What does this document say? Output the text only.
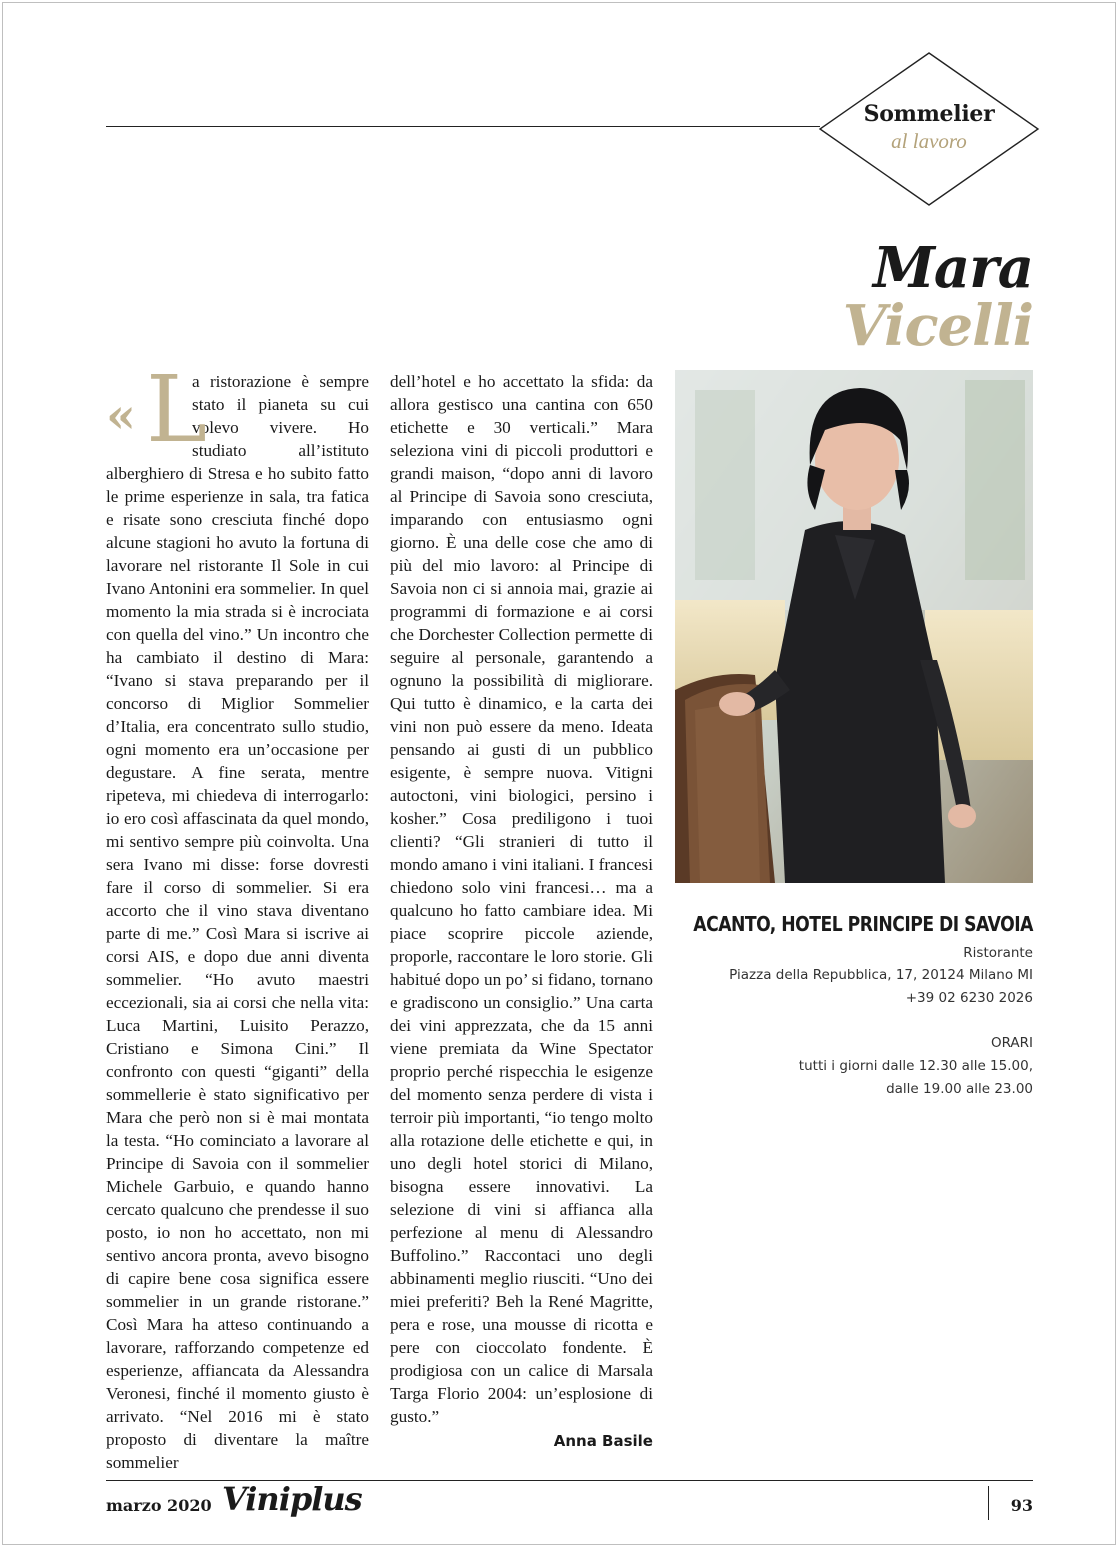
Sommelier
al lavoro
Mara
Vicelli
« L
a ristorazione è sempre stato il pianeta su cui volevo vivere. Ho studiato all’istituto alberghiero di Stresa e ho subito fatto le prime esperienze in sala, tra fatica e risate sono cresciuta finché dopo alcune stagioni ho avuto la fortuna di lavorare nel ristorante Il Sole in cui Ivano Antonini era sommelier. In quel momento la mia strada si è incrociata con quella del vino.” Un incontro che ha cambiato il destino di Mara: “Ivano si stava preparando per il concorso di Miglior Sommelier d’Italia, era concentrato sullo studio, ogni momento era un’occasione per degustare. A fine serata, mentre ripeteva, mi chiedeva di interrogarlo: io ero così affascinata da quel mondo, mi sentivo sempre più coinvolta. Una sera Ivano mi disse: forse dovresti fare il corso di sommelier. Si era accorto che il vino stava diventano parte di me.” Così Mara si iscrive ai corsi AIS, e dopo due anni diventa sommelier. “Ho avuto maestri eccezionali, sia ai corsi che nella vita: Luca Martini, Luisito Perazzo, Cristiano e Simona Cini.” Il confronto con questi “giganti” della sommellerie è stato significativo per Mara che però non si è mai montata la testa. “Ho cominciato a lavorare al Principe di Savoia con il sommelier Michele Garbuio, e quando hanno cercato qualcuno che prendesse il suo posto, io non ho accettato, non mi sentivo ancora pronta, avevo bisogno di capire bene cosa significa essere sommelier in un grande ristorane.” Così Mara ha atteso continuando a lavorare, rafforzando competenze ed esperienze, affiancata da Alessandra Veronesi, finché il momento giusto è arrivato. “Nel 2016 mi è stato proposto di diventare la maître sommelier
dell’hotel e ho accettato la sfida: da allora gestisco una cantina con 650 etichette e 30 verticali.” Mara seleziona vini di piccoli produttori e grandi maison, “dopo anni di lavoro al Principe di Savoia sono cresciuta, imparando con entusiasmo ogni giorno. È una delle cose che amo di più del mio lavoro: al Principe di Savoia non ci si annoia mai, grazie ai programmi di formazione e ai corsi che Dorchester Collection permette di seguire al personale, garantendo a ognuno la possibilità di migliorare. Qui tutto è dinamico, e la carta dei vini non può essere da meno. Ideata pensando ai gusti di un pubblico esigente, è sempre nuova. Vitigni autoctoni, vini biologici, persino i kosher.” Cosa prediligono i tuoi clienti? “Gli stranieri di tutto il mondo amano i vini italiani. I francesi chiedono solo vini francesi… ma a qualcuno ho fatto cambiare idea. Mi piace scoprire piccole aziende, proporle, raccontare le loro storie. Gli habitué dopo un po’ si fidano, tornano e gradiscono un consiglio.” Una carta dei vini apprezzata, che da 15 anni viene premiata da Wine Spectator proprio perché rispecchia le esigenze del momento senza perdere di vista i terroir più importanti, “io tengo molto alla rotazione delle etichette e qui, in uno degli hotel storici di Milano, bisogna essere innovativi. La selezione di vini si affianca alla perfezione al menu di Alessandro Buffolino.” Raccontaci uno degli abbinamenti meglio riusciti. “Uno dei miei preferiti? Beh la René Magritte, pera e rose, una mousse di ricotta e pere con cioccolato fondente. È prodigiosa con un calice di Marsala Targa Florio 2004: un’esplosione di gusto.”
Anna Basile
ACANTO, HOTEL PRINCIPE DI SAVOIA
Ristorante
Piazza della Repubblica, 17, 20124 Milano MI
+39 02 6230 2026
ORARI
tutti i giorni dalle 12.30 alle 15.00,
dalle 19.00 alle 23.00
marzo 2020 Viniplus	93
